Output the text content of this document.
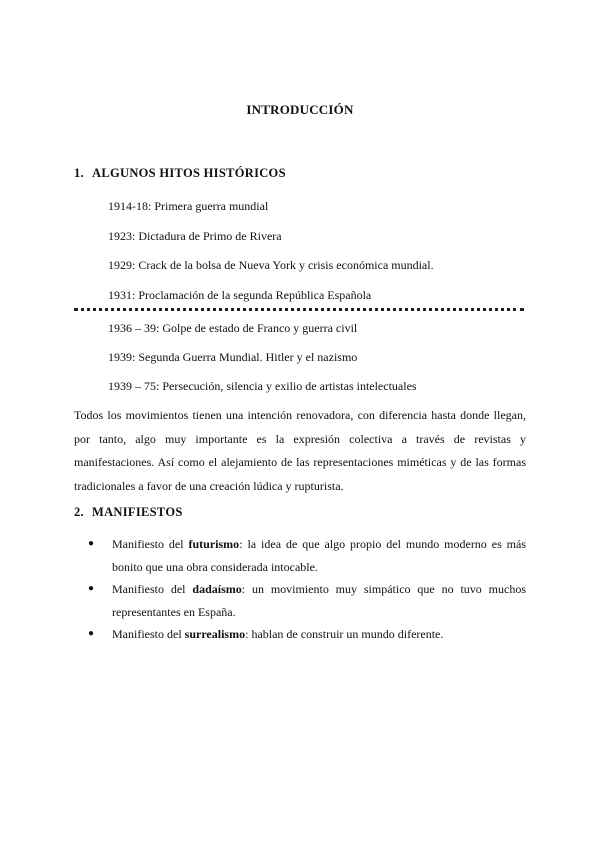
INTRODUCCIÓN
1. ALGUNOS HITOS HISTÓRICOS
1914-18: Primera guerra mundial
1923: Dictadura de Primo de Rivera
1929: Crack de la bolsa de Nueva York y crisis económica mundial.
1931: Proclamación de la segunda República Española
1936 – 39: Golpe de estado de Franco y guerra civil
1939: Segunda Guerra Mundial. Hitler y el nazismo
1939 – 75: Persecución, silencia y exilio de artistas intelectuales

Todos los movimientos tienen una intención renovadora, con diferencia hasta donde llegan, por tanto, algo muy importante es la expresión colectiva a través de revistas y manifestaciones. Así como el alejamiento de las representaciones miméticas y de las formas tradicionales a favor de una creación lúdica y rupturista.

2. MANIFIESTOS
● Manifiesto del futurismo: la idea de que algo propio del mundo moderno es más bonito que una obra considerada intocable.
● Manifiesto del dadaísmo: un movimiento muy simpático que no tuvo muchos representantes en España.
● Manifiesto del surrealismo: hablan de construir un mundo diferente.
